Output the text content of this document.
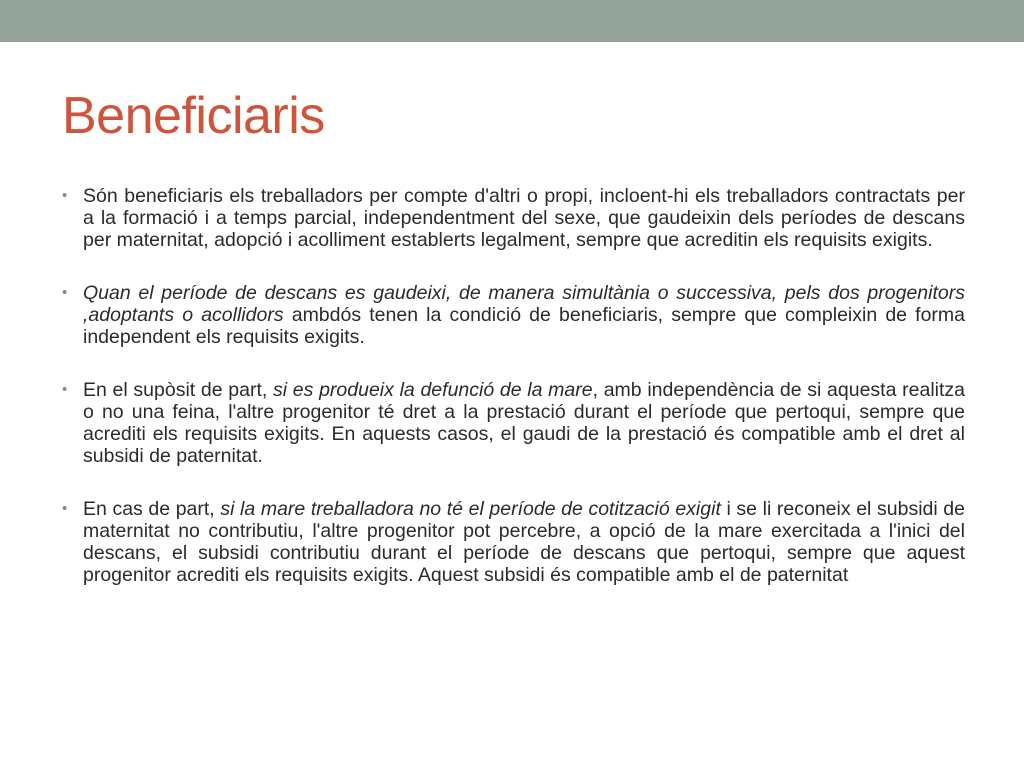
Beneficiaris
• Són beneficiaris els treballadors per compte d'altri o propi, incloent-hi els treballadors contractats per a la formació i a temps parcial, independentment del sexe, que gaudeixin dels períodes de descans per maternitat, adopció i acolliment establerts legalment, sempre que acreditin els requisits exigits.
• Quan el període de descans es gaudeixi, de manera simultània o successiva, pels dos progenitors ,adoptants o acollidors ambdós tenen la condició de beneficiaris, sempre que compleixin de forma independent els requisits exigits.
• En el supòsit de part, si es produeix la defunció de la mare, amb independència de si aquesta realitza o no una feina, l'altre progenitor té dret a la prestació durant el període que pertoqui, sempre que acrediti els requisits exigits. En aquests casos, el gaudi de la prestació és compatible amb el dret al subsidi de paternitat.
• En cas de part, si la mare treballadora no té el període de cotització exigit i se li reconeix el subsidi de maternitat no contributiu, l'altre progenitor pot percebre, a opció de la mare exercitada a l'inici del descans, el subsidi contributiu durant el període de descans que pertoqui, sempre que aquest progenitor acrediti els requisits exigits. Aquest subsidi és compatible amb el de paternitat
